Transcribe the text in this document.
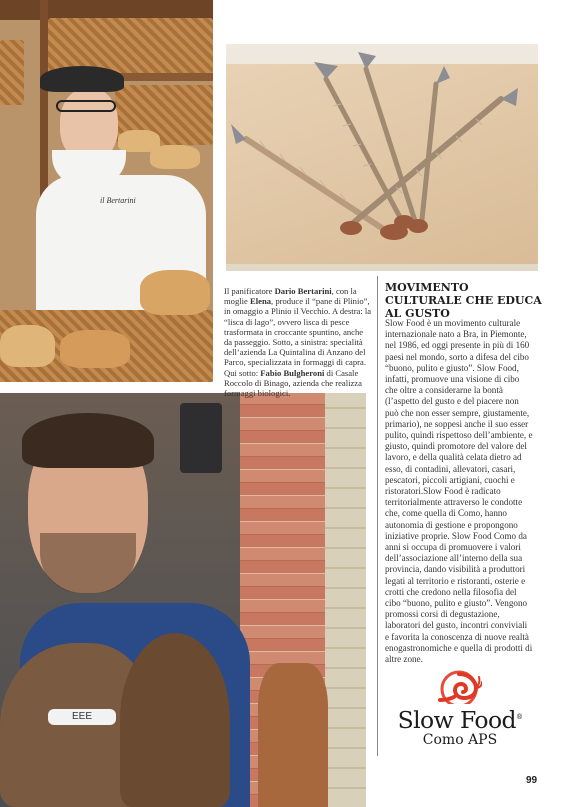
il Bertarini
EEE
Il panificatore Dario Bertarini, con la moglie Elena, produce il “pane di Plinio”, in omaggio a Plinio il Vecchio. A destra: la “lisca di lago”, ovvero lisca di pesce trasformata in croccante spuntino, anche da passeggio. Sotto, a sinistra: specialità dell’azienda La Quintalina di Anzano del Parco, specializzata in formaggi di capra. Qui sotto: Fabio Bulgheroni di Casale Roccolo di Binago, azienda che realizza formaggi biologici.
MOVIMENTO CULTURALE CHE EDUCA AL GUSTO
Slow Food è un movimento culturale internazionale nato a Bra, in Piemonte, nel 1986, ed oggi presente in più di 160 paesi nel mondo, sorto a difesa del cibo “buono, pulito e giusto”. Slow Food, infatti, promuove una visione di cibo che oltre a considerarne la bontà (l’aspetto del gusto e del piacere non può che non esser sempre, giustamente, primario), ne soppesi anche il suo esser pulito, quindi rispettoso dell’ambiente, e giusto, quindi promotore del valore del lavoro, e della qualità celata dietro ad esso, di contadini, allevatori, casari, pescatori, piccoli artigiani, cuochi e ristoratori.Slow Food è radicato territorialmente attraverso le condotte che, come quella di Como, hanno autonomia di gestione e propongono iniziative proprie. Slow Food Como da anni si occupa di promuovere i valori dell’associazione all’interno della sua provincia, dando visibilità a produttori legati al territorio e ristoranti, osterie e crotti che credono nella filosofia del cibo “buono, pulito e giusto”. Vengono promossi corsi di degustazione, laboratori del gusto, incontri conviviali e favorita la conoscenza di nuove realtà enogastronomiche e quella di prodotti di altre zone.
Slow Food®
Como APS
99
